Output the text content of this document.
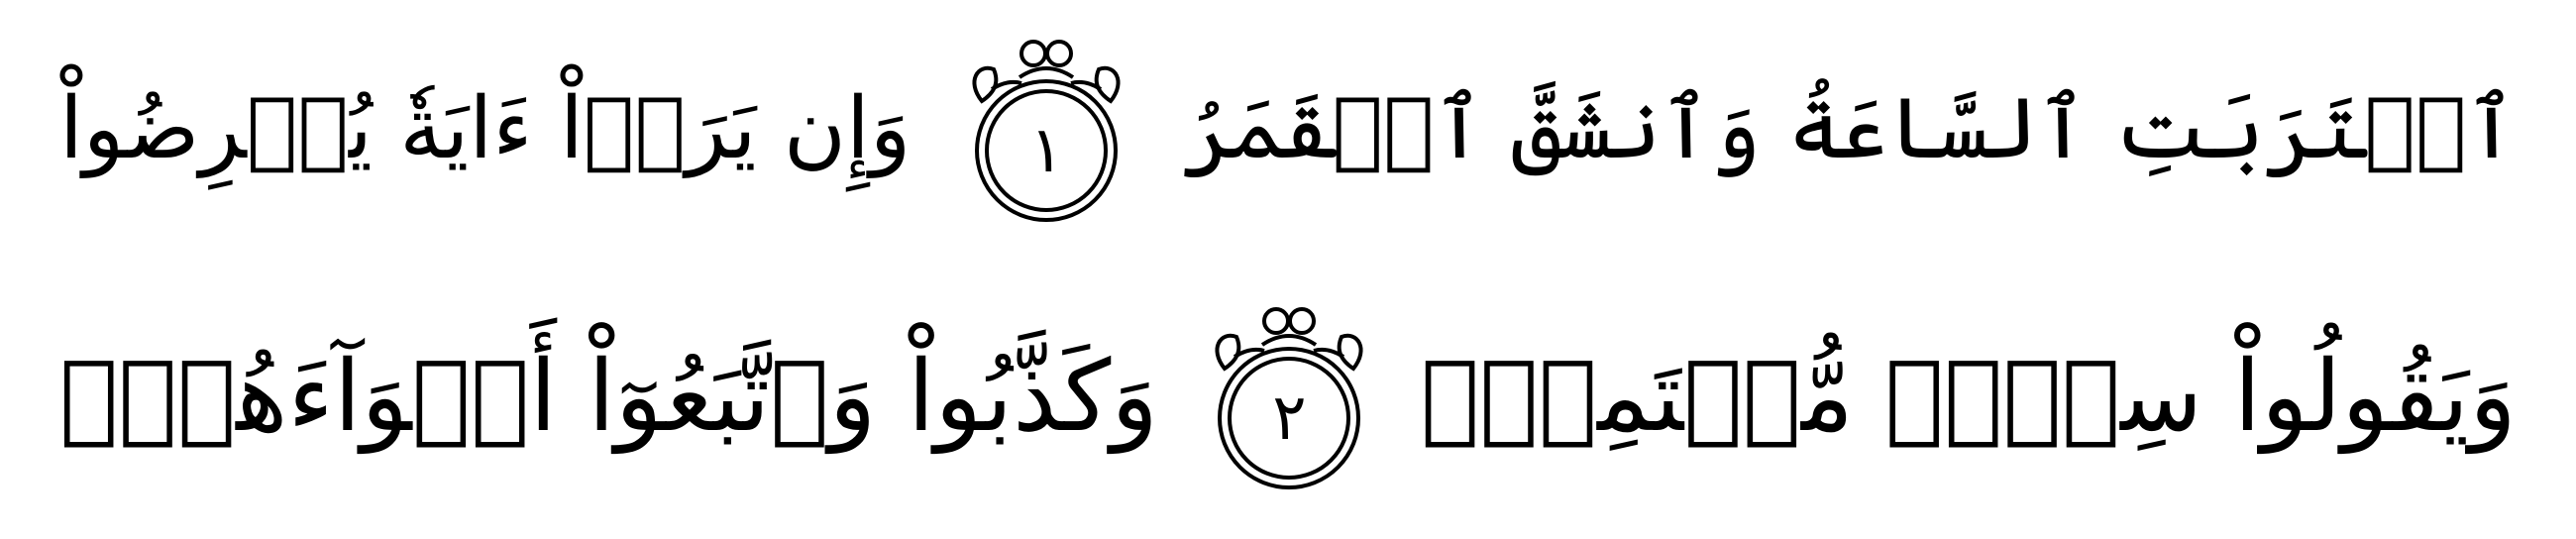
ٱقۡتَرَبَتِ ٱلسَّاعَةُ وَٱنشَقَّ ٱلۡقَمَرُ
١
وَإِن يَرَوۡاْ ءَايَةٗ يُعۡرِضُواْ
وَيَقُولُواْ سِحۡرٞ مُّسۡتَمِرّٞ
٢
وَكَذَّبُواْ وَٱتَّبَعُوٓاْ أَهۡوَآءَهُمۡۚ
